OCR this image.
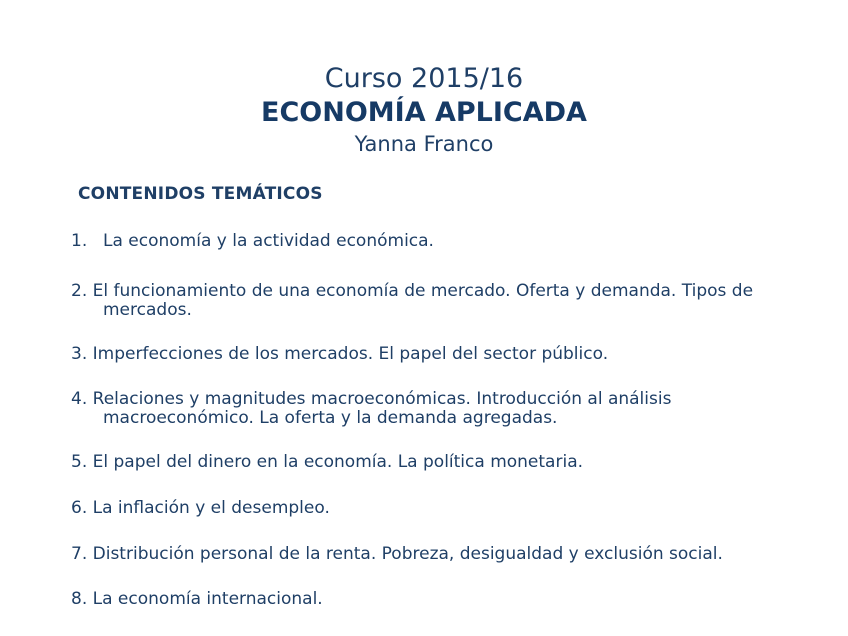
Curso 2015/16
ECONOMÍA APLICADA
Yanna Franco
CONTENIDOS TEMÁTICOS
1. La economía y la actividad económica.
2. El funcionamiento de una economía de mercado. Oferta y demanda. Tipos de
mercados.
3. Imperfecciones de los mercados. El papel del sector público.
4. Relaciones y magnitudes macroeconómicas. Introducción al análisis
macroeconómico. La oferta y la demanda agregadas.
5. El papel del dinero en la economía. La política monetaria.
6. La inflación y el desempleo.
7. Distribución personal de la renta. Pobreza, desigualdad y exclusión social.
8. La economía internacional.
